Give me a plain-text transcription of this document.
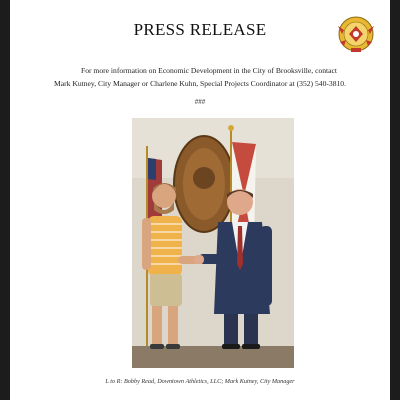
PRESS RELEASE
For more information on Economic Development in the City of Brooksville, contact
Mark Kutney, City Manager or Charlene Kuhn, Special Projects Coordinator at (352) 540-3810.
###
L to R: Bobby Read, Downtown Athletics, LLC; Mark Kutney, City Manager
